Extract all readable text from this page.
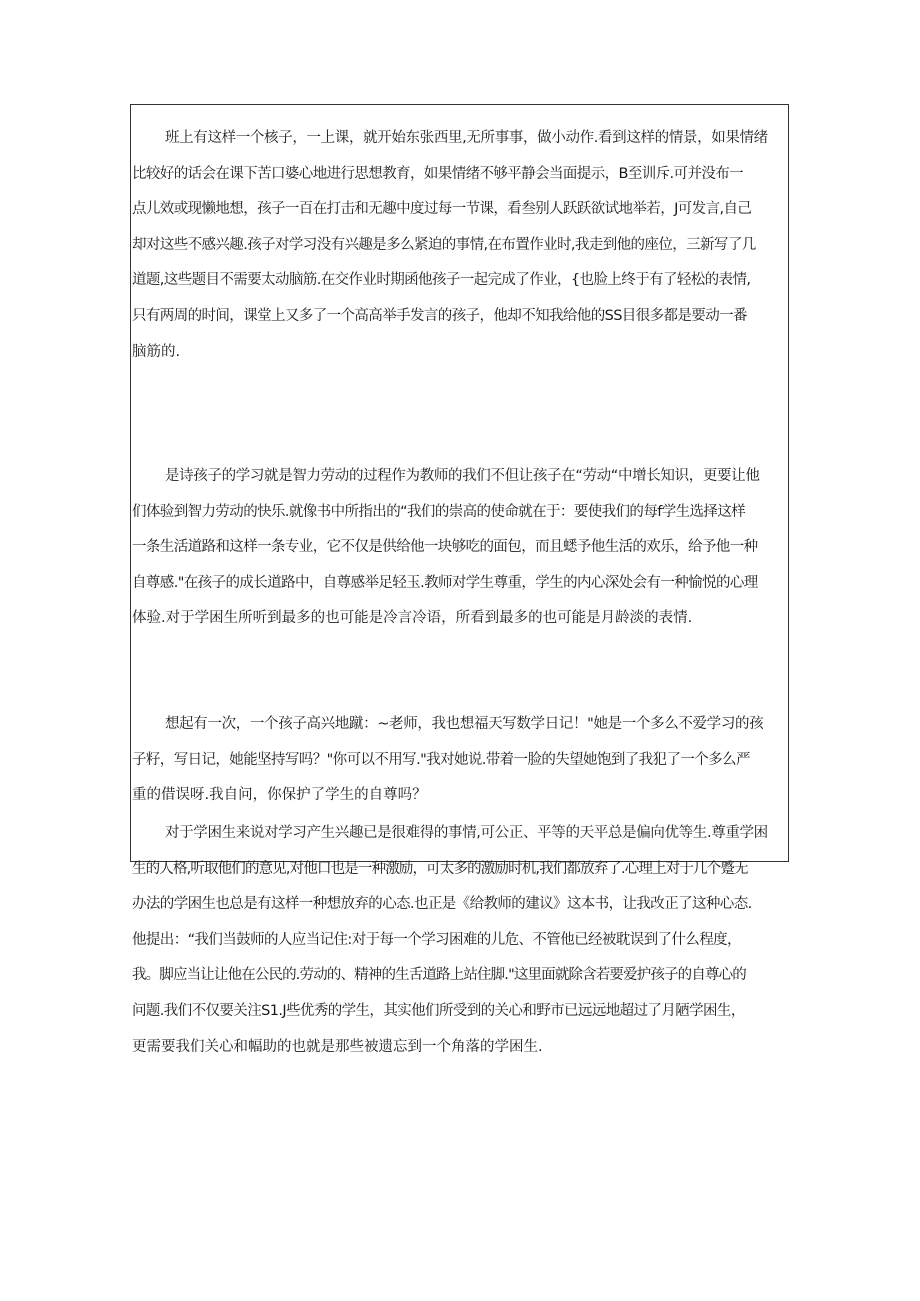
班上有这样一个核子，一上课，就开始东张西里,无所事事，做小动作.看到这样的情景，如果情绪
比较好的话会在课下苦口婆心地进行思想教育，如果情绪不够平静会当面提示，B至训斥.可并没布一
点儿效或现懒地想，孩子一百在打击和无趣中度过每一节课，看叁别人跃跃欲试地举若，J可发言,自己
却对这些不感兴趣.孩子对学习没有兴趣是多么紧迫的事情,在布置作业时,我走到他的座位，三新写了几
道题,这些题目不需要太动脑筋.在交作业时期函他孩子一起完成了作业，{也脸上终于有了轻松的表情,
只有两周的时间，课堂上又多了一个高高举手发言的孩子，他却不知我给他的SS目很多都是要动一番
脑筋的.
是诗孩子的学习就是智力劳动的过程作为教师的我们不但让孩子在“劳动“中增长知识，更要让他
们体验到智力劳动的快乐.就像书中所指出的“我们的崇高的使命就在于：要使我们的每f学生选择这样
一条生活道路和这样一条专业，它不仅是供给他一块够吃的面包，而且蟋予他生活的欢乐，给予他一种
自尊感."在孩子的成长道路中，自尊感举足轻玉.教师对学生尊重，学生的内心深处会有一种愉悦的心理
体验.对于学困生所听到最多的也可能是冷言冷语，所看到最多的也可能是月龄淡的表情.
想起有一次，一个孩子高兴地蹴：~老师，我也想福天写数学日记！"她是一个多么不爱学习的孩
子籽，写日记，她能坚持写吗？"你可以不用写."我对她说.带着一脸的失望她饱到了我犯了一个多么严
重的借误呀.我自问，你保护了学生的自尊吗？
对于学困生来说对学习产生兴趣已是很难得的事情,可公正、平等的天平总是偏向优等生.尊重学困
生的人格,听取他们的意见,对他口也是一种激励，可太多的激励时机,我们都放弃了.心理上对于几个蹙无
办法的学困生也总是有这样一种想放弃的心态.也正是《给教师的建议》这本书，让我改正了这种心态.
他提出：“我们当鼓师的人应当记住:对于每一个学习困难的儿危、不管他已经被耽误到了什么程度，
我。脚应当让让他在公民的.劳动的、精神的生舌道路上站住脚."这里面就除含若要爱护孩子的自尊心的
问题.我们不仅要关注S1.J些优秀的学生，其实他们所受到的关心和野市已远远地超过了月陋学困生，
更需要我们关心和幅助的也就是那些被遗忘到一个角落的学困生.
